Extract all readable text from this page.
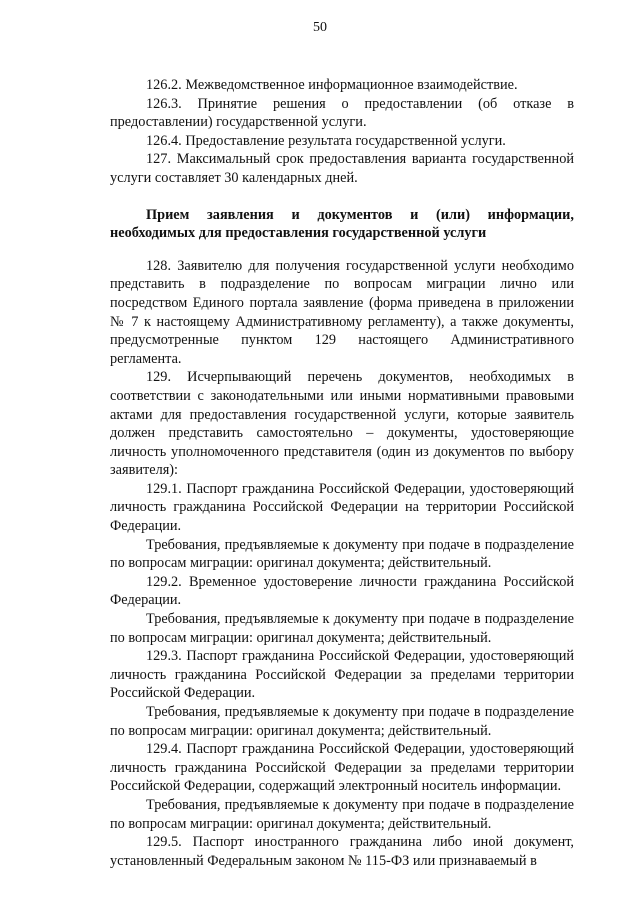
50

126.2. Межведомственное информационное взаимодействие.

126.3. Принятие решения о предоставлении (об отказе в предоставлении) государственной услуги.

126.4. Предоставление результата государственной услуги.

127. Максимальный срок предоставления варианта государственной услуги составляет 30 календарных дней.

Прием заявления и документов и (или) информации, необходимых для предоставления государственной услуги

128. Заявителю для получения государственной услуги необходимо представить в подразделение по вопросам миграции лично или посредством Единого портала заявление (форма приведена в приложении № 7 к настоящему Административному регламенту), а также документы, предусмотренные пунктом 129 настоящего Административного регламента.

129. Исчерпывающий перечень документов, необходимых в соответствии с законодательными или иными нормативными правовыми актами для предоставления государственной услуги, которые заявитель должен представить самостоятельно – документы, удостоверяющие личность уполномоченного представителя (один из документов по выбору заявителя):

129.1. Паспорт гражданина Российской Федерации, удостоверяющий личность гражданина Российской Федерации на территории Российской Федерации.

Требования, предъявляемые к документу при подаче в подразделение по вопросам миграции: оригинал документа; действительный.

129.2. Временное удостоверение личности гражданина Российской Федерации.

Требования, предъявляемые к документу при подаче в подразделение по вопросам миграции: оригинал документа; действительный.

129.3. Паспорт гражданина Российской Федерации, удостоверяющий личность гражданина Российской Федерации за пределами территории Российской Федерации.

Требования, предъявляемые к документу при подаче в подразделение по вопросам миграции: оригинал документа; действительный.

129.4. Паспорт гражданина Российской Федерации, удостоверяющий личность гражданина Российской Федерации за пределами территории Российской Федерации, содержащий электронный носитель информации.

Требования, предъявляемые к документу при подаче в подразделение по вопросам миграции: оригинал документа; действительный.

129.5. Паспорт иностранного гражданина либо иной документ, установленный Федеральным законом № 115-ФЗ или признаваемый в
